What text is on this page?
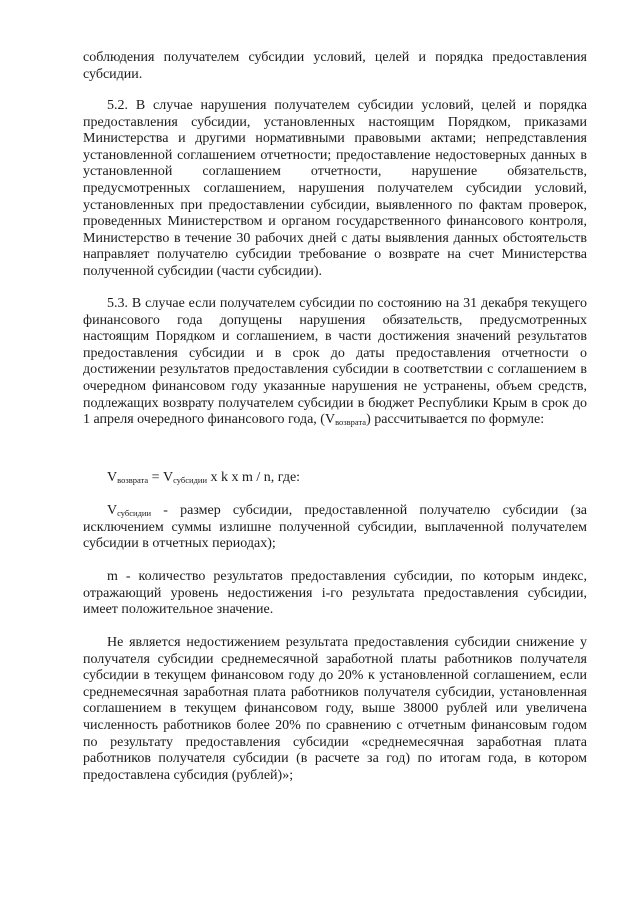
соблюдения получателем субсидии условий, целей и порядка предоставления субсидии.

5.2. В случае нарушения получателем субсидии условий, целей и порядка предоставления субсидии, установленных настоящим Порядком, приказами Министерства и другими нормативными правовыми актами; непредставления установленной соглашением отчетности; предоставление недостоверных данных в установленной соглашением отчетности, нарушение обязательств, предусмотренных соглашением, нарушения получателем субсидии условий, установленных при предоставлении субсидии, выявленного по фактам проверок, проведенных Министерством и органом государственного финансового контроля, Министерство в течение 30 рабочих дней с даты выявления данных обстоятельств направляет получателю субсидии требование о возврате на счет Министерства полученной субсидии (части субсидии).

5.3. В случае если получателем субсидии по состоянию на 31 декабря текущего финансового года допущены нарушения обязательств, предусмотренных настоящим Порядком и соглашением, в части достижения значений результатов предоставления субсидии и в срок до даты предоставления отчетности о достижении результатов предоставления субсидии в соответствии с соглашением в очередном финансовом году указанные нарушения не устранены, объем средств, подлежащих возврату получателем субсидии в бюджет Республики Крым в срок до 1 апреля очередного финансового года, $(V_{возврата})$ рассчитывается по формуле:

$V_{возврата} = V_{субсидии}$ x k x m / n, где:

$V_{субсидии}$ - размер субсидии, предоставленной получателю субсидии (за исключением суммы излишне полученной субсидии, выплаченной получателем субсидии в отчетных периодах);

m - количество результатов предоставления субсидии, по которым индекс, отражающий уровень недостижения i-го результата предоставления субсидии, имеет положительное значение.

Не является недостижением результата предоставления субсидии снижение у получателя субсидии среднемесячной заработной платы работников получателя субсидии в текущем финансовом году до 20% к установленной соглашением, если среднемесячная заработная плата работников получателя субсидии, установленная соглашением в текущем финансовом году, выше 38000 рублей или увеличена численность работников более 20% по сравнению с отчетным финансовым годом по результату предоставления субсидии «среднемесячная заработная плата работников получателя субсидии (в расчете за год) по итогам года, в котором предоставлена субсидия (рублей)»;
